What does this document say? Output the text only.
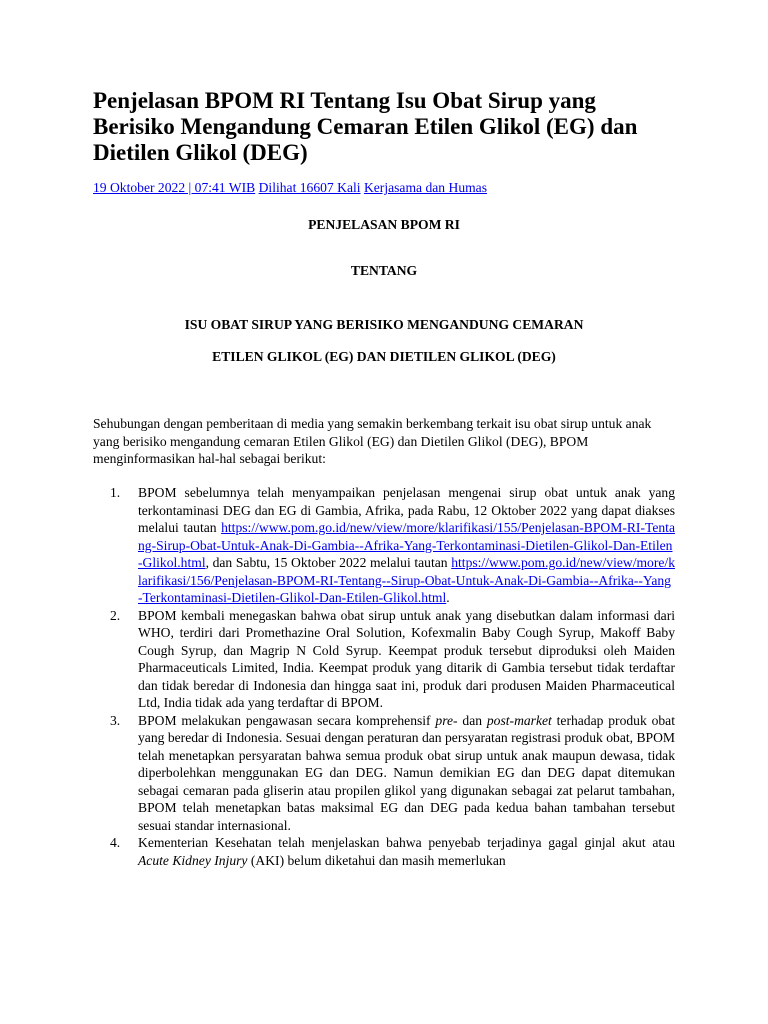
Penjelasan BPOM RI Tentang Isu Obat Sirup yang Berisiko Mengandung Cemaran Etilen Glikol (EG) dan Dietilen Glikol (DEG)
19 Oktober 2022 | 07:41 WIB Dilihat 16607 Kali Kerjasama dan Humas
PENJELASAN BPOM RI
TENTANG
ISU OBAT SIRUP YANG BERISIKO MENGANDUNG CEMARAN
ETILEN GLIKOL (EG) DAN DIETILEN GLIKOL (DEG)

Sehubungan dengan pemberitaan di media yang semakin berkembang terkait isu obat sirup untuk anak yang berisiko mengandung cemaran Etilen Glikol (EG) dan Dietilen Glikol (DEG), BPOM menginformasikan hal-hal sebagai berikut:

1. BPOM sebelumnya telah menyampaikan penjelasan mengenai sirup obat untuk anak yang terkontaminasi DEG dan EG di Gambia, Afrika, pada Rabu, 12 Oktober 2022 yang dapat diakses melalui tautan https://www.pom.go.id/new/view/more/klarifikasi/155/Penjelasan-BPOM-RI-Tentang-Sirup-Obat-Untuk-Anak-Di-Gambia--Afrika-Yang-Terkontaminasi-Dietilen-Glikol-Dan-Etilen-Glikol.html, dan Sabtu, 15 Oktober 2022 melalui tautan https://www.pom.go.id/new/view/more/klarifikasi/156/Penjelasan-BPOM-RI-Tentang--Sirup-Obat-Untuk-Anak-Di-Gambia--Afrika--Yang-Terkontaminasi-Dietilen-Glikol-Dan-Etilen-Glikol.html.
2. BPOM kembali menegaskan bahwa obat sirup untuk anak yang disebutkan dalam informasi dari WHO, terdiri dari Promethazine Oral Solution, Kofexmalin Baby Cough Syrup, Makoff Baby Cough Syrup, dan Magrip N Cold Syrup. Keempat produk tersebut diproduksi oleh Maiden Pharmaceuticals Limited, India. Keempat produk yang ditarik di Gambia tersebut tidak terdaftar dan tidak beredar di Indonesia dan hingga saat ini, produk dari produsen Maiden Pharmaceutical Ltd, India tidak ada yang terdaftar di BPOM.
3. BPOM melakukan pengawasan secara komprehensif pre- dan post-market terhadap produk obat yang beredar di Indonesia. Sesuai dengan peraturan dan persyaratan registrasi produk obat, BPOM telah menetapkan persyaratan bahwa semua produk obat sirup untuk anak maupun dewasa, tidak diperbolehkan menggunakan EG dan DEG. Namun demikian EG dan DEG dapat ditemukan sebagai cemaran pada gliserin atau propilen glikol yang digunakan sebagai zat pelarut tambahan, BPOM telah menetapkan batas maksimal EG dan DEG pada kedua bahan tambahan tersebut sesuai standar internasional.
4. Kementerian Kesehatan telah menjelaskan bahwa penyebab terjadinya gagal ginjal akut atau Acute Kidney Injury (AKI) belum diketahui dan masih memerlukan
